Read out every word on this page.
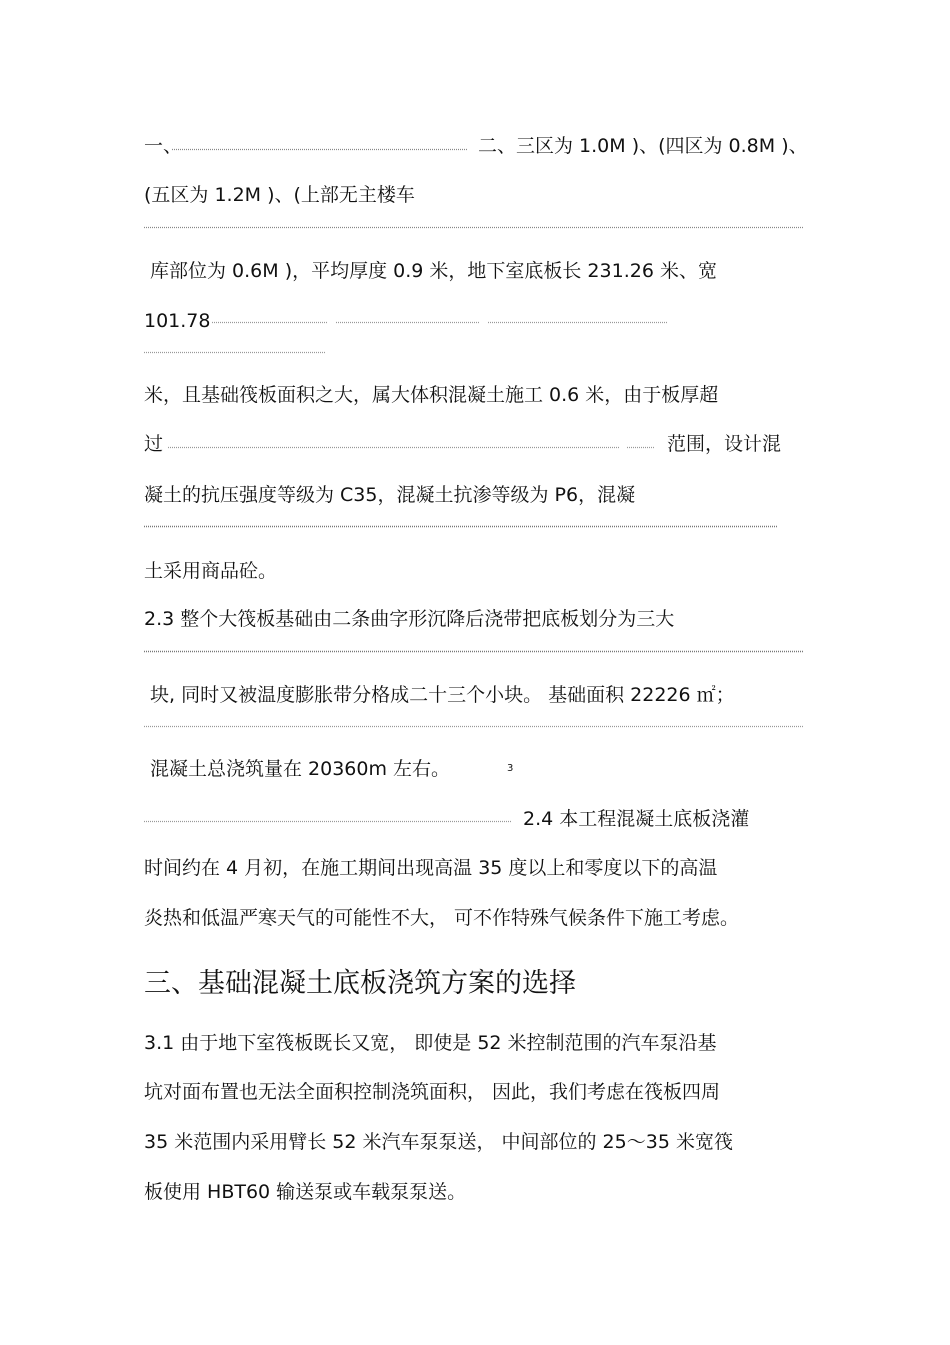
一、	二、三区为 1.0M )、(四区为 0.8M )、
(五区为 1.2M )、(上部无主楼车
库部位为 0.6M )，平均厚度 0.9 米，地下室底板长 231.26 米、宽
101.78
米，且基础筏板面积之大，属大体积混凝土施工 0.6 米，由于板厚超
过	范围，设计混
凝土的抗压强度等级为 C35，混凝土抗渗等级为 P6，混凝
土采用商品砼。
2.3 整个大筏板基础由二条曲字形沉降后浇带把底板划分为三大
块, 同时又被温度膨胀带分格成二十三个小块。 基础面积 22226 ㎡；
混凝土总浇筑量在 20360m 左右。	3
2.4 本工程混凝土底板浇灌
时间约在 4 月初，在施工期间出现高温 35 度以上和零度以下的高温
炎热和低温严寒天气的可能性不大， 可不作特殊气候条件下施工考虑。
三、基础混凝土底板浇筑方案的选择
3.1 由于地下室筏板既长又宽， 即使是 52 米控制范围的汽车泵沿基
坑对面布置也无法全面积控制浇筑面积， 因此，我们考虑在筏板四周
35 米范围内采用臂长 52 米汽车泵泵送， 中间部位的 25～35 米宽筏
板使用 HBT60 输送泵或车载泵泵送。
